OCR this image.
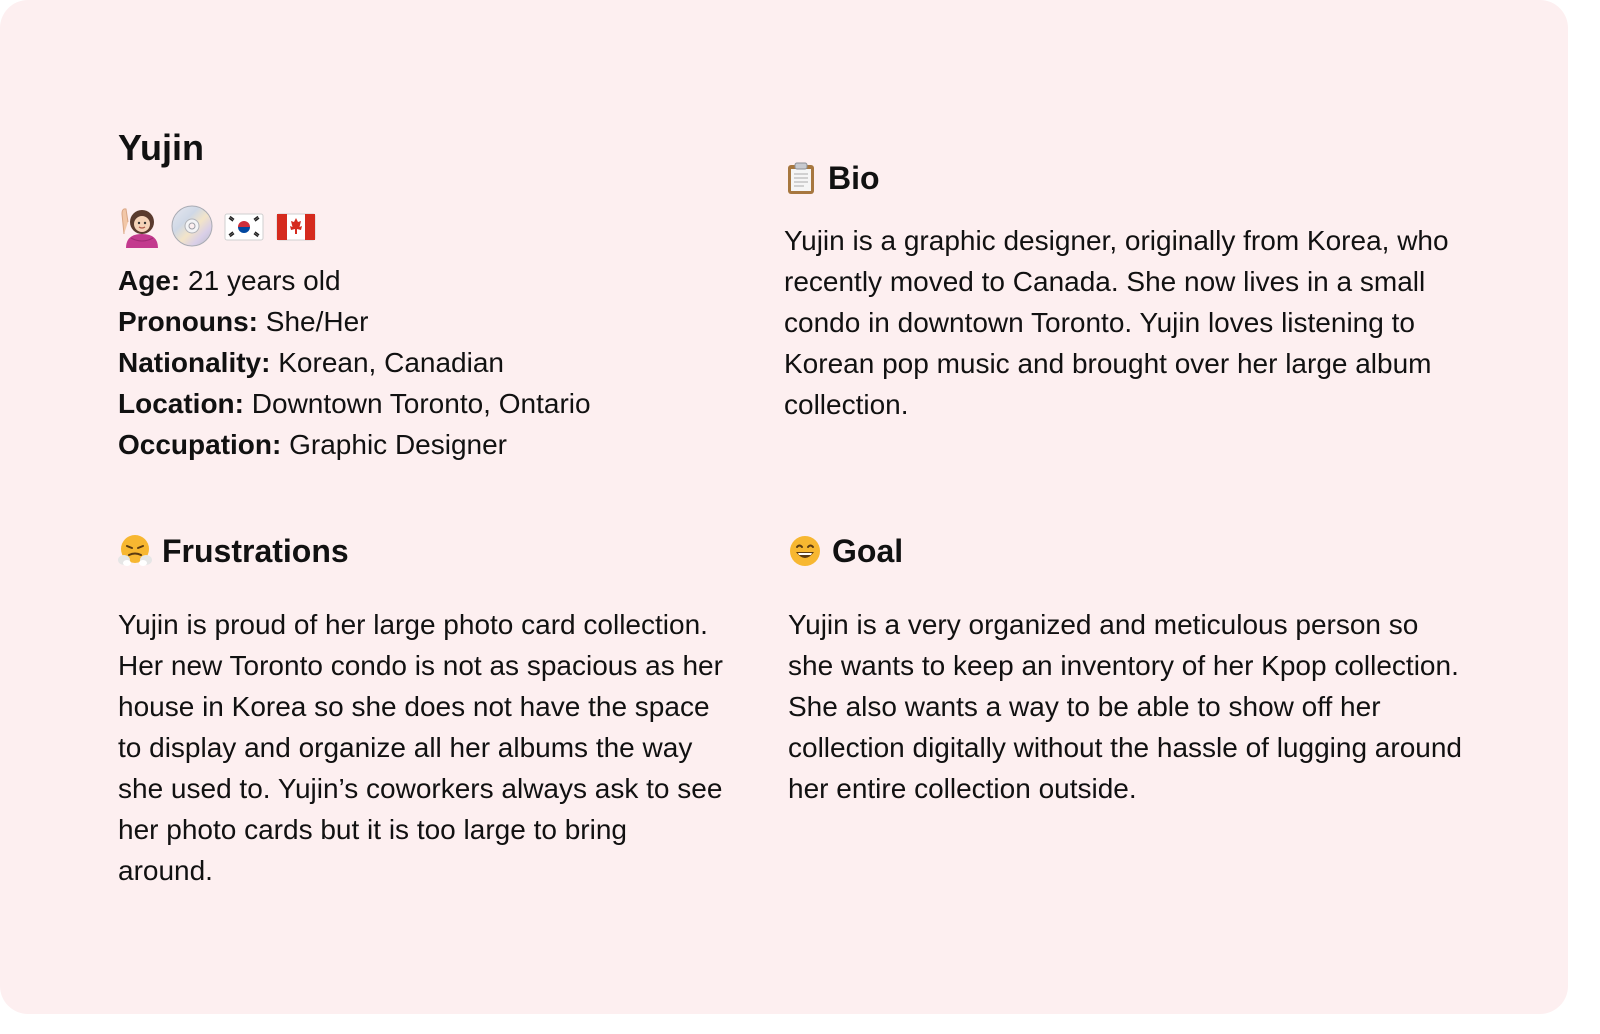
Yujin
Age: 21 years old
Pronouns: She/Her
Nationality: Korean, Canadian
Location: Downtown Toronto, Ontario
Occupation: Graphic Designer
Bio

Yujin is a graphic designer, originally from Korea, who recently moved to Canada. She now lives in a small condo in downtown Toronto. Yujin loves listening to Korean pop music and brought over her large album collection.

Frustrations

Yujin is proud of her large photo card collection. Her new Toronto condo is not as spacious as her house in Korea so she does not have the space to display and organize all her albums the way she used to. Yujin’s coworkers always ask to see her photo cards but it is too large to bring around.

Goal

Yujin is a very organized and meticulous person so she wants to keep an inventory of her Kpop collection. She also wants a way to be able to show off her collection digitally without the hassle of lugging around her entire collection outside.
